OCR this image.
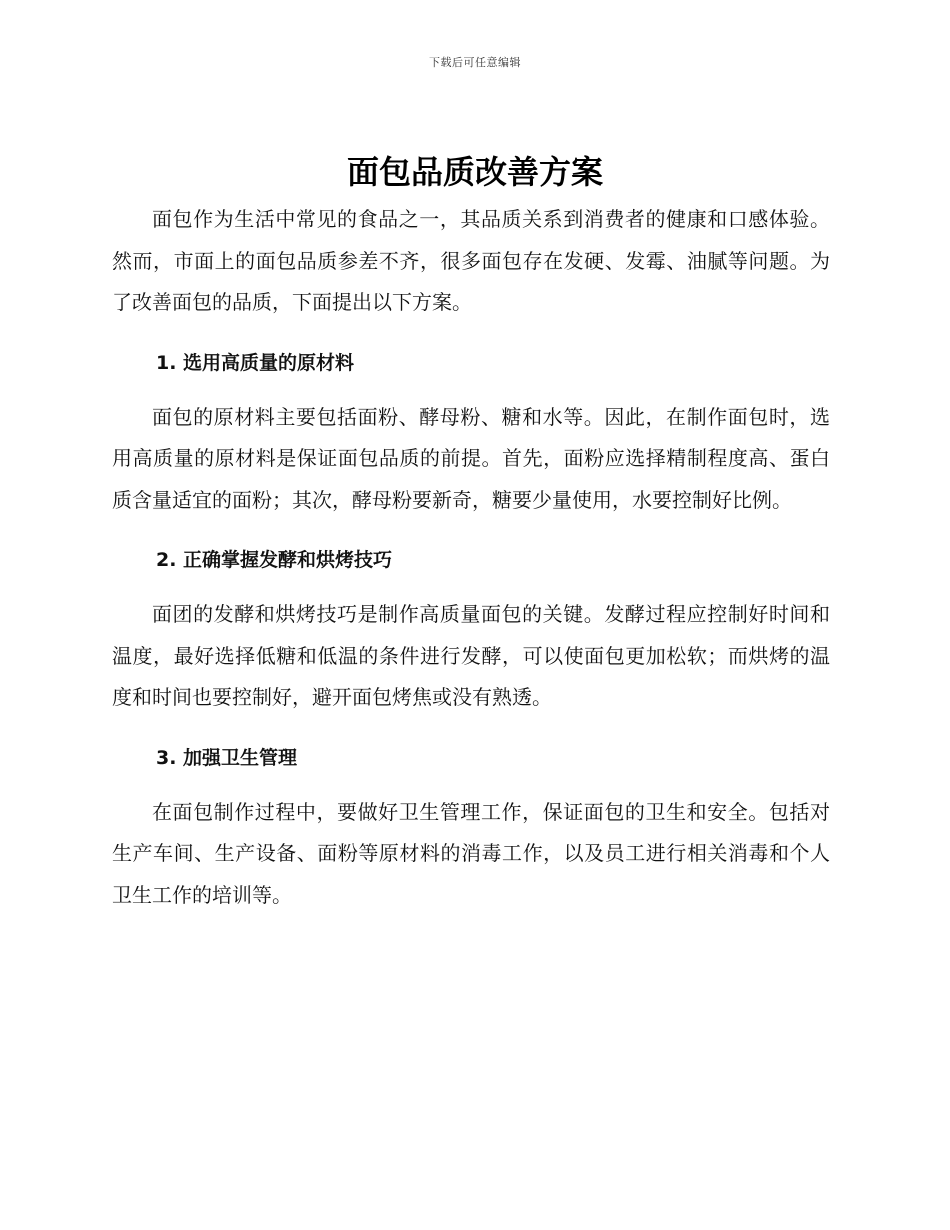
下载后可任意编辑
面包品质改善方案

面包作为生活中常见的食品之一，其品质关系到消费者的健康和口感体验。然而，市面上的面包品质参差不齐，很多面包存在发硬、发霉、油腻等问题。为了改善面包的品质，下面提出以下方案。

1. 选用高质量的原材料

面包的原材料主要包括面粉、酵母粉、糖和水等。因此，在制作面包时，选用高质量的原材料是保证面包品质的前提。首先，面粉应选择精制程度高、蛋白质含量适宜的面粉；其次，酵母粉要新奇，糖要少量使用，水要控制好比例。

2. 正确掌握发酵和烘烤技巧

面团的发酵和烘烤技巧是制作高质量面包的关键。发酵过程应控制好时间和温度，最好选择低糖和低温的条件进行发酵，可以使面包更加松软；而烘烤的温度和时间也要控制好，避开面包烤焦或没有熟透。

3. 加强卫生管理

在面包制作过程中，要做好卫生管理工作，保证面包的卫生和安全。包括对生产车间、生产设备、面粉等原材料的消毒工作，以及员工进行相关消毒和个人卫生工作的培训等。
